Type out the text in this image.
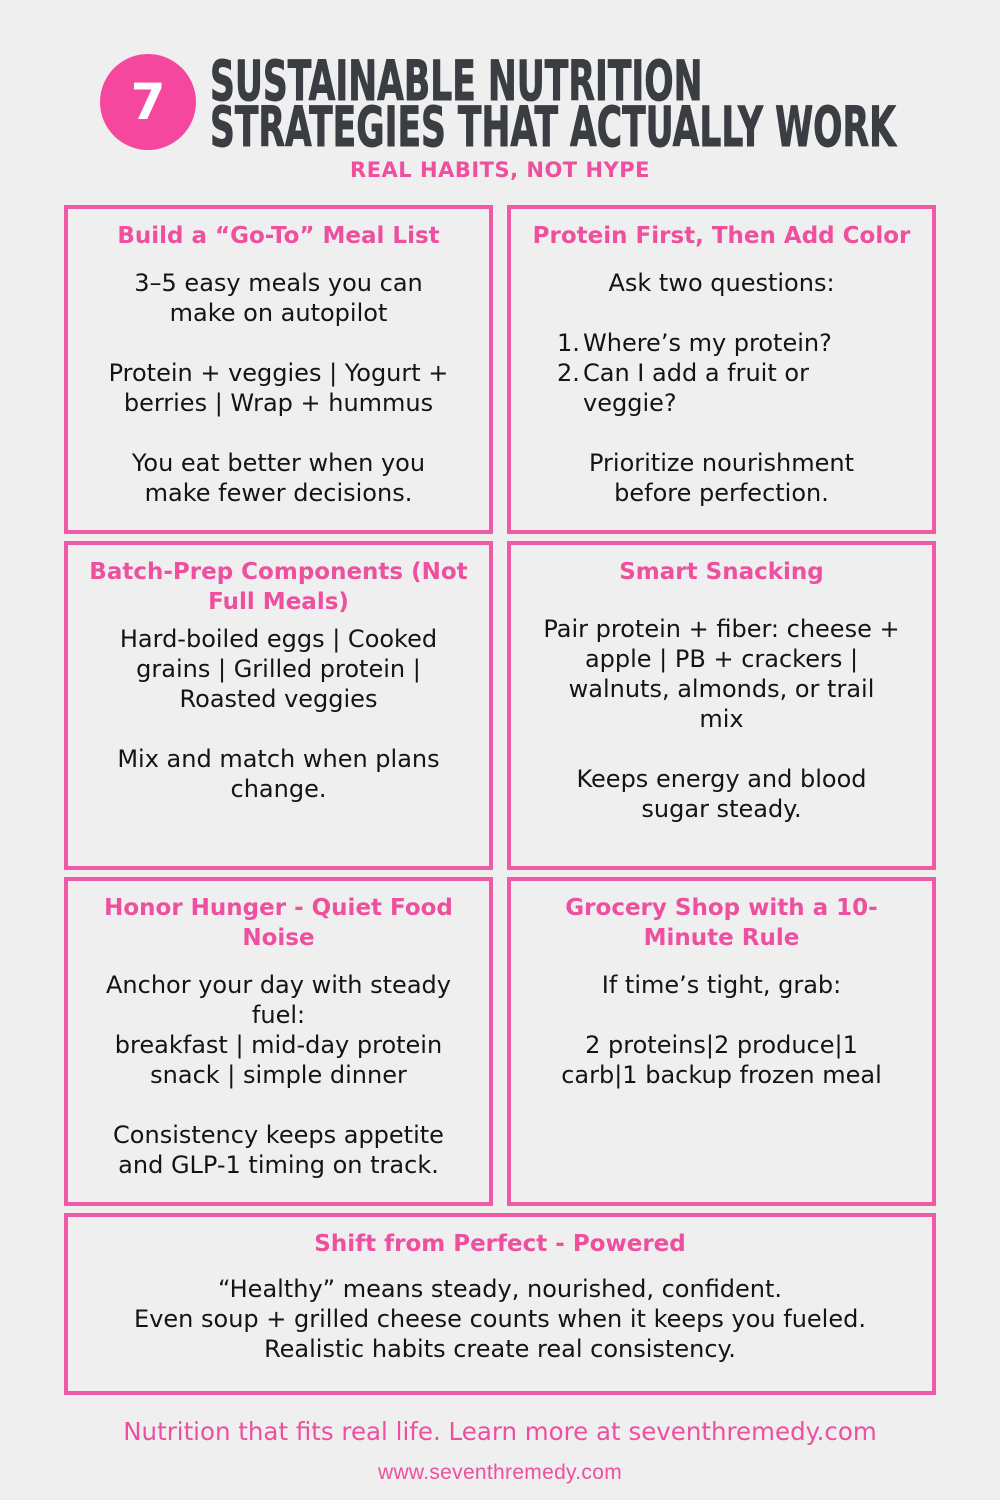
7 SUSTAINABLE NUTRITION
STRATEGIES THAT ACTUALLY WORK
REAL HABITS, NOT HYPE
Build a “Go-To” Meal List

3–5 easy meals you can
make on autopilot

Protein + veggies | Yogurt +
berries | Wrap + hummus

You eat better when you
make fewer decisions.

Protein First, Then Add Color

Ask two questions:

1. Where’s my protein?
2. Can I add a fruit or
veggie?

Prioritize nourishment
before perfection.

Batch-Prep Components (Not
Full Meals)

Hard-boiled eggs | Cooked
grains | Grilled protein |
Roasted veggies

Mix and match when plans
change.

Smart Snacking

Pair protein + fiber: cheese +
apple | PB + crackers |
walnuts, almonds, or trail
mix

Keeps energy and blood
sugar steady.

Honor Hunger - Quiet Food
Noise

Anchor your day with steady
fuel:
breakfast | mid-day protein
snack | simple dinner

Consistency keeps appetite
and GLP-1 timing on track.

Grocery Shop with a 10-
Minute Rule

If time’s tight, grab:

2 proteins|2 produce|1
carb|1 backup frozen meal

Shift from Perfect - Powered

“Healthy” means steady, nourished, confident.
Even soup + grilled cheese counts when it keeps you fueled.
Realistic habits create real consistency.

Nutrition that fits real life. Learn more at seventhremedy.com
www.seventhremedy.com
